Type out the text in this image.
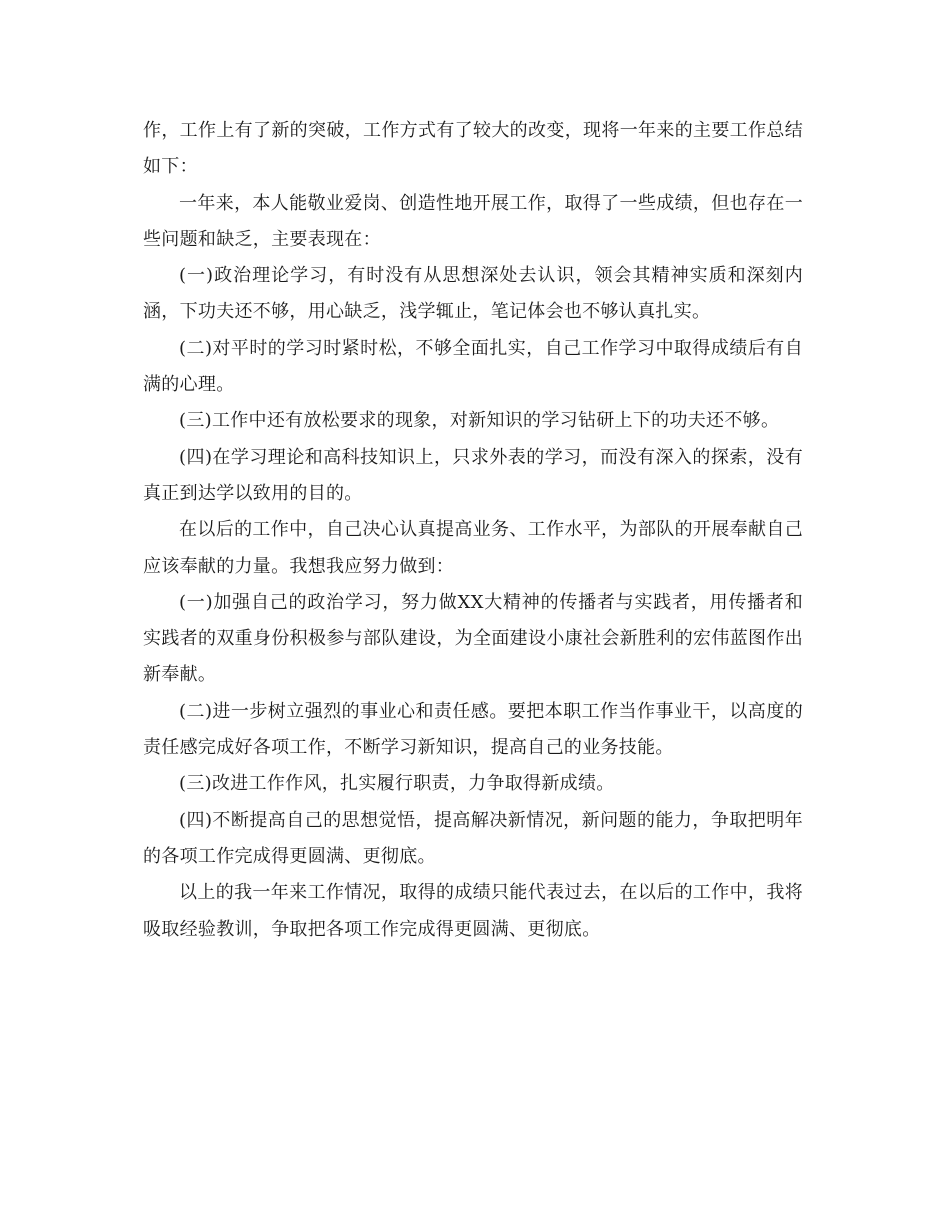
作，工作上有了新的突破，工作方式有了较大的改变，现将一年来的主要工作总结如下：

一年来，本人能敬业爱岗、创造性地开展工作，取得了一些成绩，但也存在一些问题和缺乏，主要表现在：

(一)政治理论学习，有时没有从思想深处去认识，领会其精神实质和深刻内涵，下功夫还不够，用心缺乏，浅学辄止，笔记体会也不够认真扎实。

(二)对平时的学习时紧时松，不够全面扎实，自己工作学习中取得成绩后有自满的心理。

(三)工作中还有放松要求的现象，对新知识的学习钻研上下的功夫还不够。

(四)在学习理论和高科技知识上，只求外表的学习，而没有深入的探索，没有真正到达学以致用的目的。

在以后的工作中，自己决心认真提高业务、工作水平，为部队的开展奉献自己应该奉献的力量。我想我应努力做到：

(一)加强自己的政治学习，努力做XX大精神的传播者与实践者，用传播者和实践者的双重身份积极参与部队建设，为全面建设小康社会新胜利的宏伟蓝图作出新奉献。

(二)进一步树立强烈的事业心和责任感。要把本职工作当作事业干，以高度的责任感完成好各项工作，不断学习新知识，提高自己的业务技能。

(三)改进工作作风，扎实履行职责，力争取得新成绩。

(四)不断提高自己的思想觉悟，提高解决新情况，新问题的能力，争取把明年的各项工作完成得更圆满、更彻底。

以上的我一年来工作情况，取得的成绩只能代表过去，在以后的工作中，我将吸取经验教训，争取把各项工作完成得更圆满、更彻底。
